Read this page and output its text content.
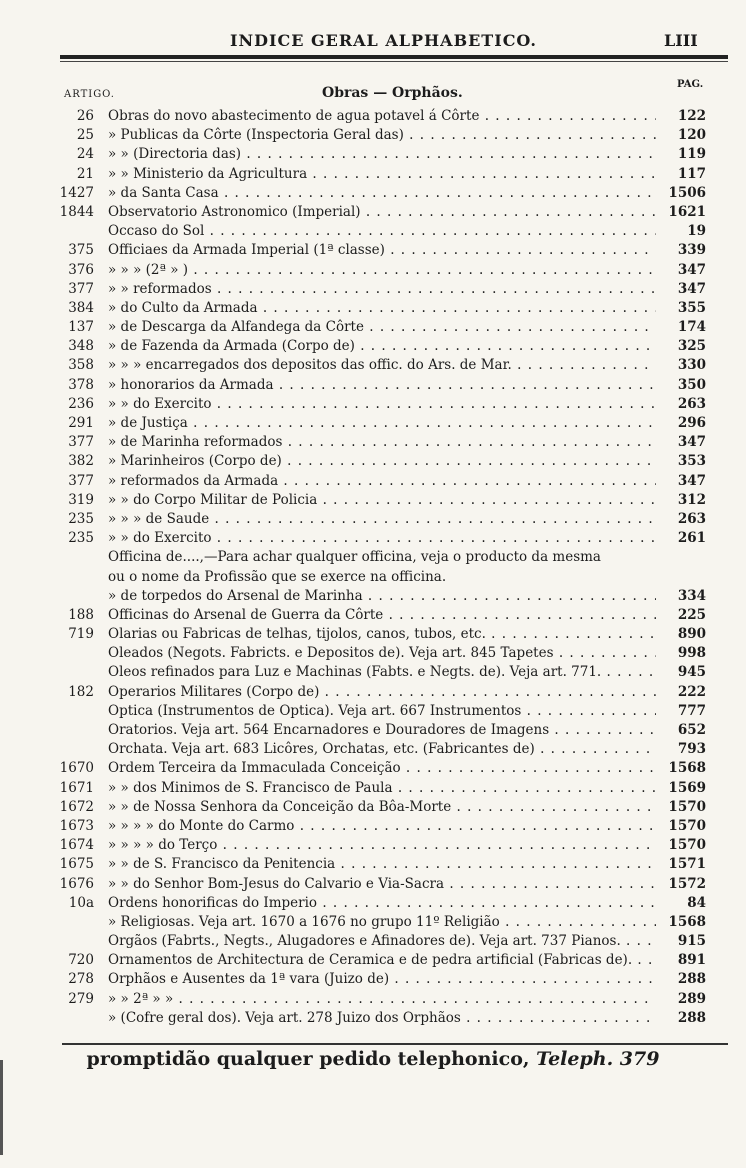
INDICE GERAL ALPHABETICO.	LIII
ARTIGO.	Obras — Orphãos.
PAG.
26 Obras do novo abastecimento de agua potavel á Côrte . . .	122
25 » Publicas da Côrte (Inspectoria Geral das) . . .	120
24 » » (Directoria das) . . .	119
21 » » Ministerio da Agricultura . . .	117
1427 » da Santa Casa . . .	1506
1844 Observatorio Astronomico (Imperial) . . .	1621
Occaso do Sol . . .	19
375 Officiaes da Armada Imperial (1ª classe) . . .	339
376 » » » (2ª » ) . . .	347
377 » » reformados . . .	347
384 » do Culto da Armada . . .	355
137 » de Descarga da Alfandega da Côrte . . .	174
348 » de Fazenda da Armada (Corpo de) . . .	325
358 » » » encarregados dos depositos das offic. do Ars. de Mar. . . .	330
378 » honorarios da Armada . . .	350
236 » » do Exercito . . .	263
291 » de Justiça . . .	296
377 » de Marinha reformados . . .	347
382 » Marinheiros (Corpo de) . . .	353
377 » reformados da Armada . . .	347
319 » » do Corpo Militar de Policia . . .	312
235 » » » de Saude . . .	263
235 » » do Exercito . . .	261
Officina de....,—Para achar qualquer officina, veja o producto da mesma
ou o nome da Profissão que se exerce na officina.
» de torpedos do Arsenal de Marinha . . .	334
188 Officinas do Arsenal de Guerra da Côrte . . .	225
719 Olarias ou Fabricas de telhas, tijolos, canos, tubos, etc. . . .	890
Oleados (Negots. Fabricts. e Depositos de). Veja art. 845 Tapetes . . .	998
Oleos refinados para Luz e Machinas (Fabts. e Negts. de). Veja art. 771. . . .	945
182 Operarios Militares (Corpo de) . . .	222
Optica (Instrumentos de Optica). Veja art. 667 Instrumentos . . .	777
Oratorios. Veja art. 564 Encarnadores e Douradores de Imagens . . .	652
Orchata. Veja art. 683 Licôres, Orchatas, etc. (Fabricantes de) . . .	793
1670 Ordem Terceira da Immaculada Conceição . . .	1568
1671 » » dos Minimos de S. Francisco de Paula . . .	1569
1672 » » de Nossa Senhora da Conceição da Bôa-Morte . . .	1570
1673 » » » » do Monte do Carmo . . .	1570
1674 » » » » do Terço . . .	1570
1675 » » de S. Francisco da Penitencia . . .	1571
1676 » » do Senhor Bom-Jesus do Calvario e Via-Sacra . . .	1572
10a Ordens honorificas do Imperio . . .	84
» Religiosas. Veja art. 1670 a 1676 no grupo 11º Religião . . .	1568
Orgãos (Fabrts., Negts., Alugadores e Afinadores de). Veja art. 737 Pianos. . . .	915
720 Ornamentos de Architectura de Ceramica e de pedra artificial (Fabricas de). . . .	891
278 Orphãos e Ausentes da 1ª vara (Juizo de) . . .	288
279 » » 2ª » » . . .	289
» (Cofre geral dos). Veja art. 278 Juizo dos Orphãos . . .	288
promptidão qualquer pedido telephonico, Teleph. 379
